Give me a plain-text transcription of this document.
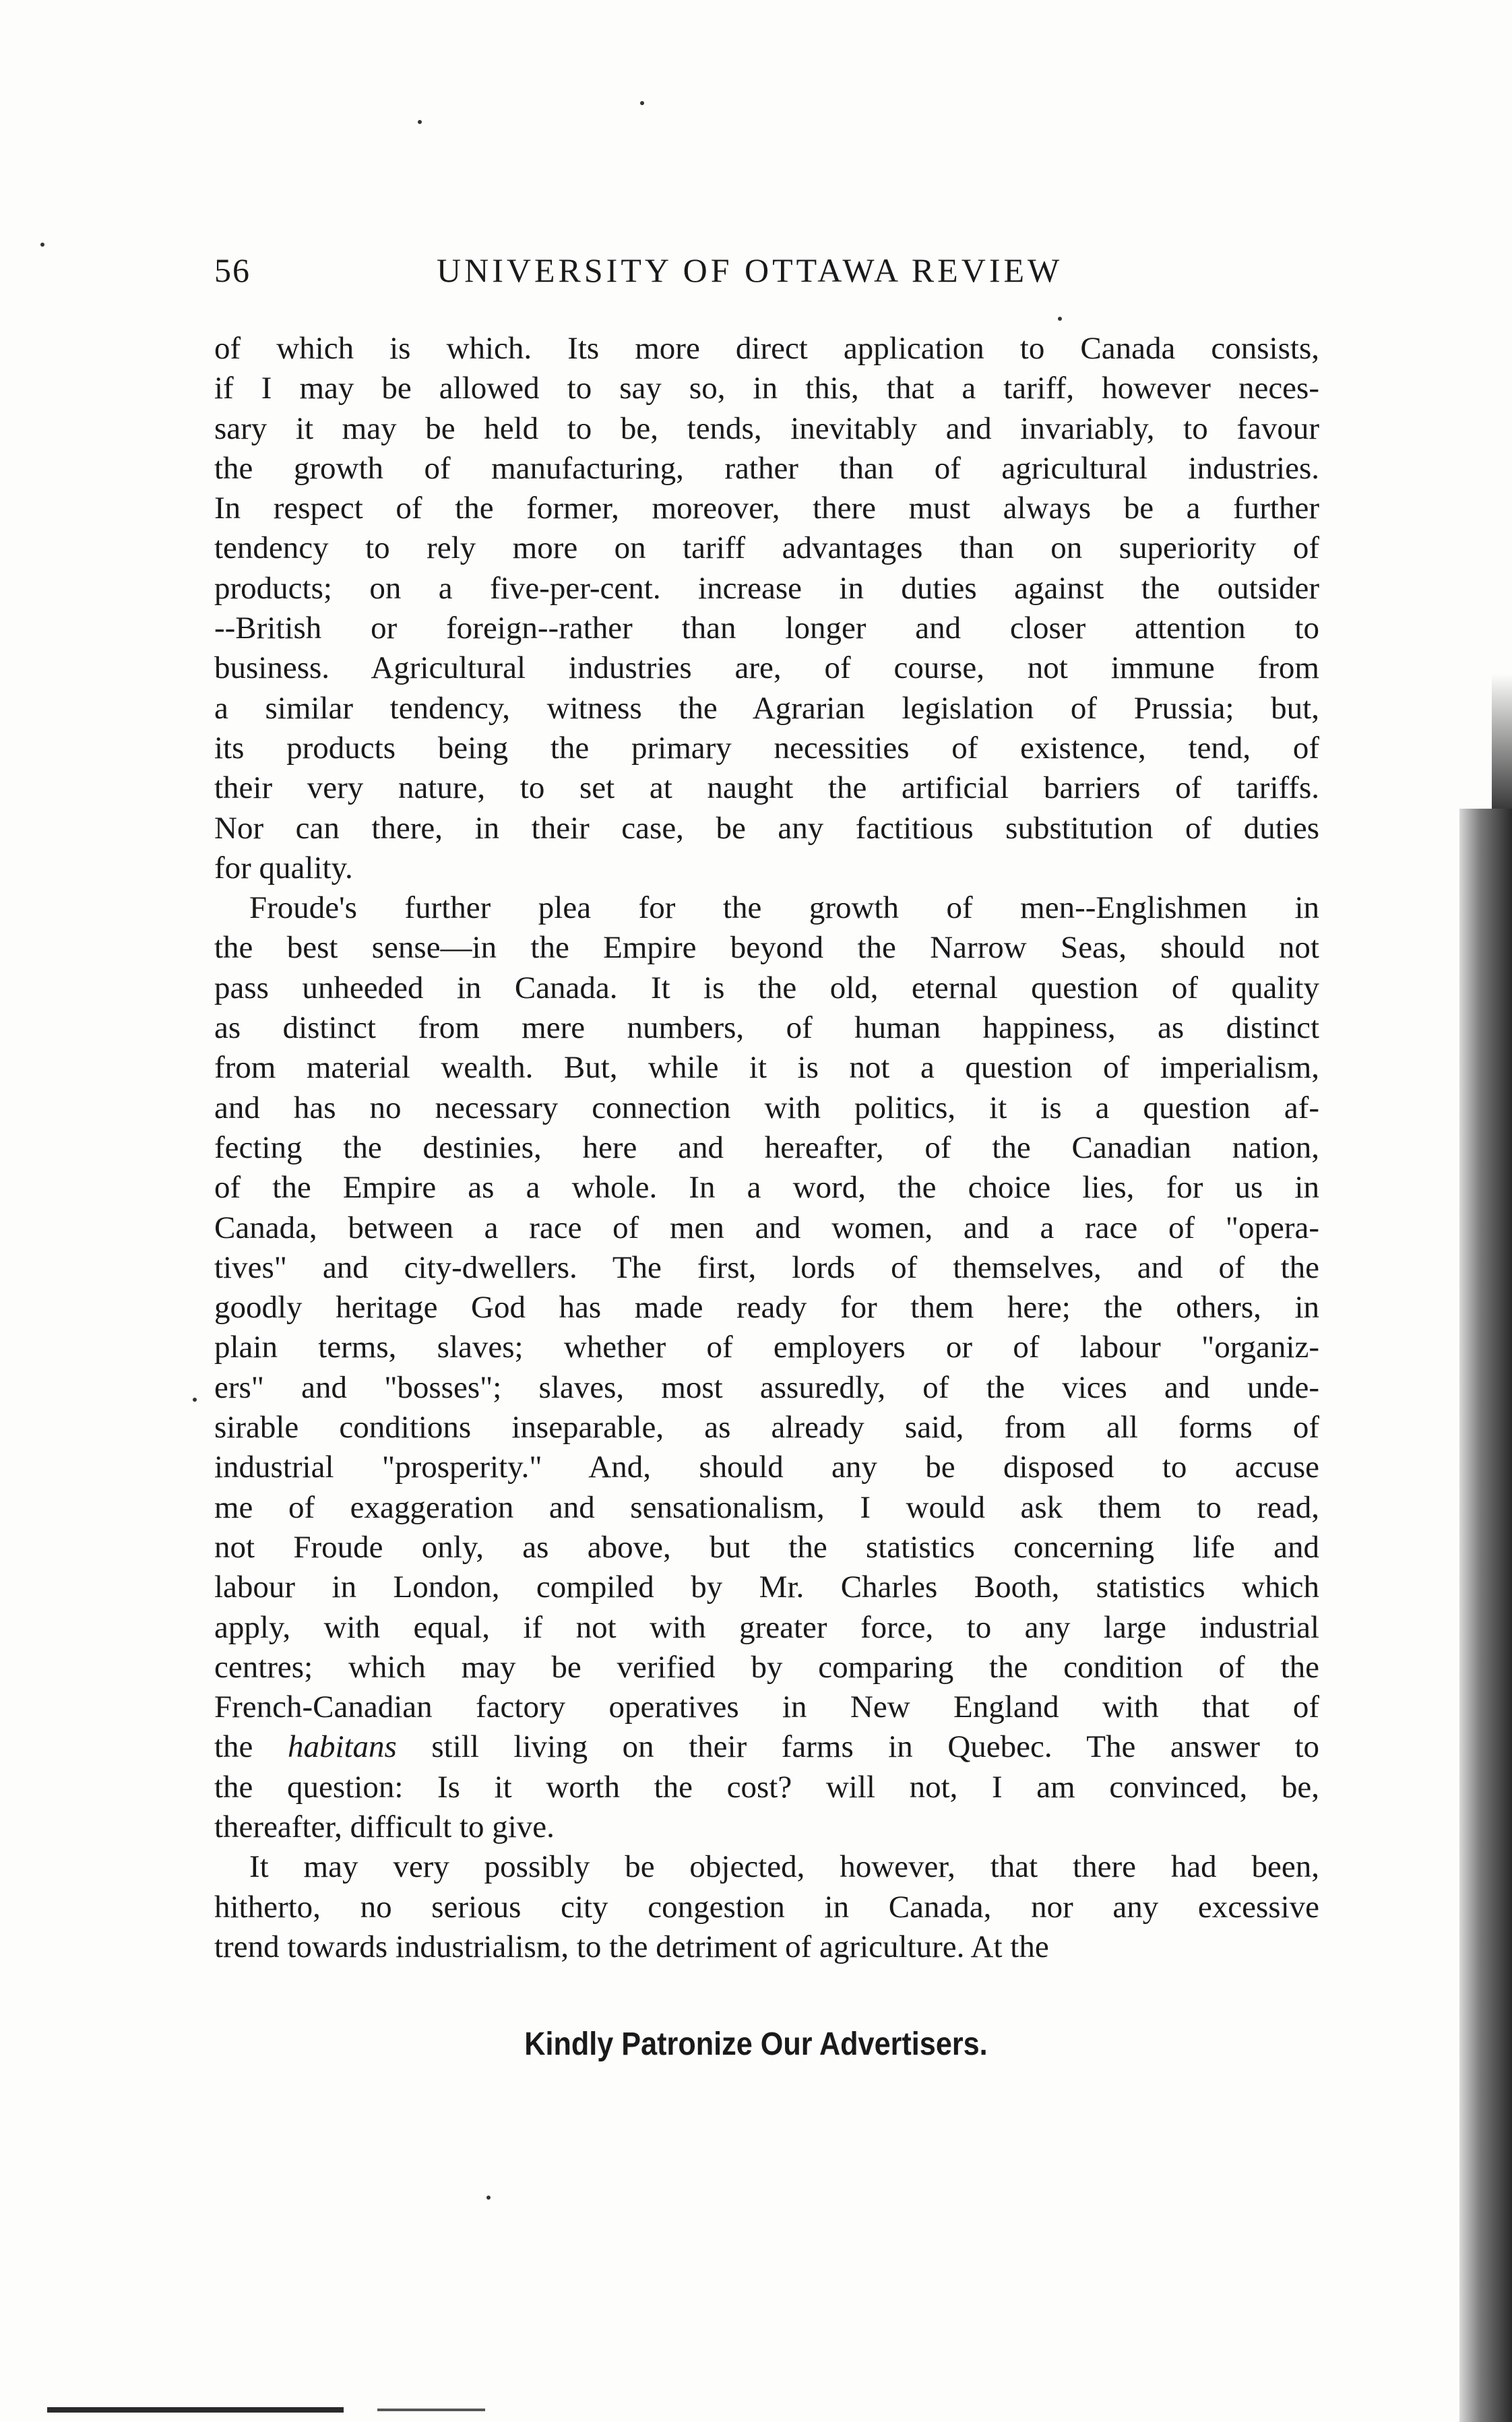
56	UNIVERSITY OF OTTAWA REVIEW
of which is which. Its more direct application to Canada consists,
if I may be allowed to say so, in this, that a tariff, however neces-
sary it may be held to be, tends, inevitably and invariably, to favour
the growth of manufacturing, rather than of agricultural industries.
In respect of the former, moreover, there must always be a further
tendency to rely more on tariff advantages than on superiority of
products; on a five-per-cent. increase in duties against the outsider
--British or foreign--rather than longer and closer attention to
business. Agricultural industries are, of course, not immune from
a similar tendency, witness the Agrarian legislation of Prussia; but,
its products being the primary necessities of existence, tend, of
their very nature, to set at naught the artificial barriers of tariffs.
Nor can there, in their case, be any factitious substitution of duties
for quality.
Froude's further plea for the growth of men--Englishmen in
the best sense—in the Empire beyond the Narrow Seas, should not
pass unheeded in Canada. It is the old, eternal question of quality
as distinct from mere numbers, of human happiness, as distinct
from material wealth. But, while it is not a question of imperialism,
and has no necessary connection with politics, it is a question af-
fecting the destinies, here and hereafter, of the Canadian nation,
of the Empire as a whole. In a word, the choice lies, for us in
Canada, between a race of men and women, and a race of "opera-
tives" and city-dwellers. The first, lords of themselves, and of the
goodly heritage God has made ready for them here; the others, in
plain terms, slaves; whether of employers or of labour "organiz-
ers" and "bosses"; slaves, most assuredly, of the vices and unde-
sirable conditions inseparable, as already said, from all forms of
industrial "prosperity." And, should any be disposed to accuse
me of exaggeration and sensationalism, I would ask them to read,
not Froude only, as above, but the statistics concerning life and
labour in London, compiled by Mr. Charles Booth, statistics which
apply, with equal, if not with greater force, to any large industrial
centres; which may be verified by comparing the condition of the
French-Canadian factory operatives in New England with that of
the habitans still living on their farms in Quebec. The answer to
the question: Is it worth the cost? will not, I am convinced, be,
thereafter, difficult to give.
It may very possibly be objected, however, that there had been,
hitherto, no serious city congestion in Canada, nor any excessive
trend towards industrialism, to the detriment of agriculture. At the
Kindly Patronize Our Advertisers.
